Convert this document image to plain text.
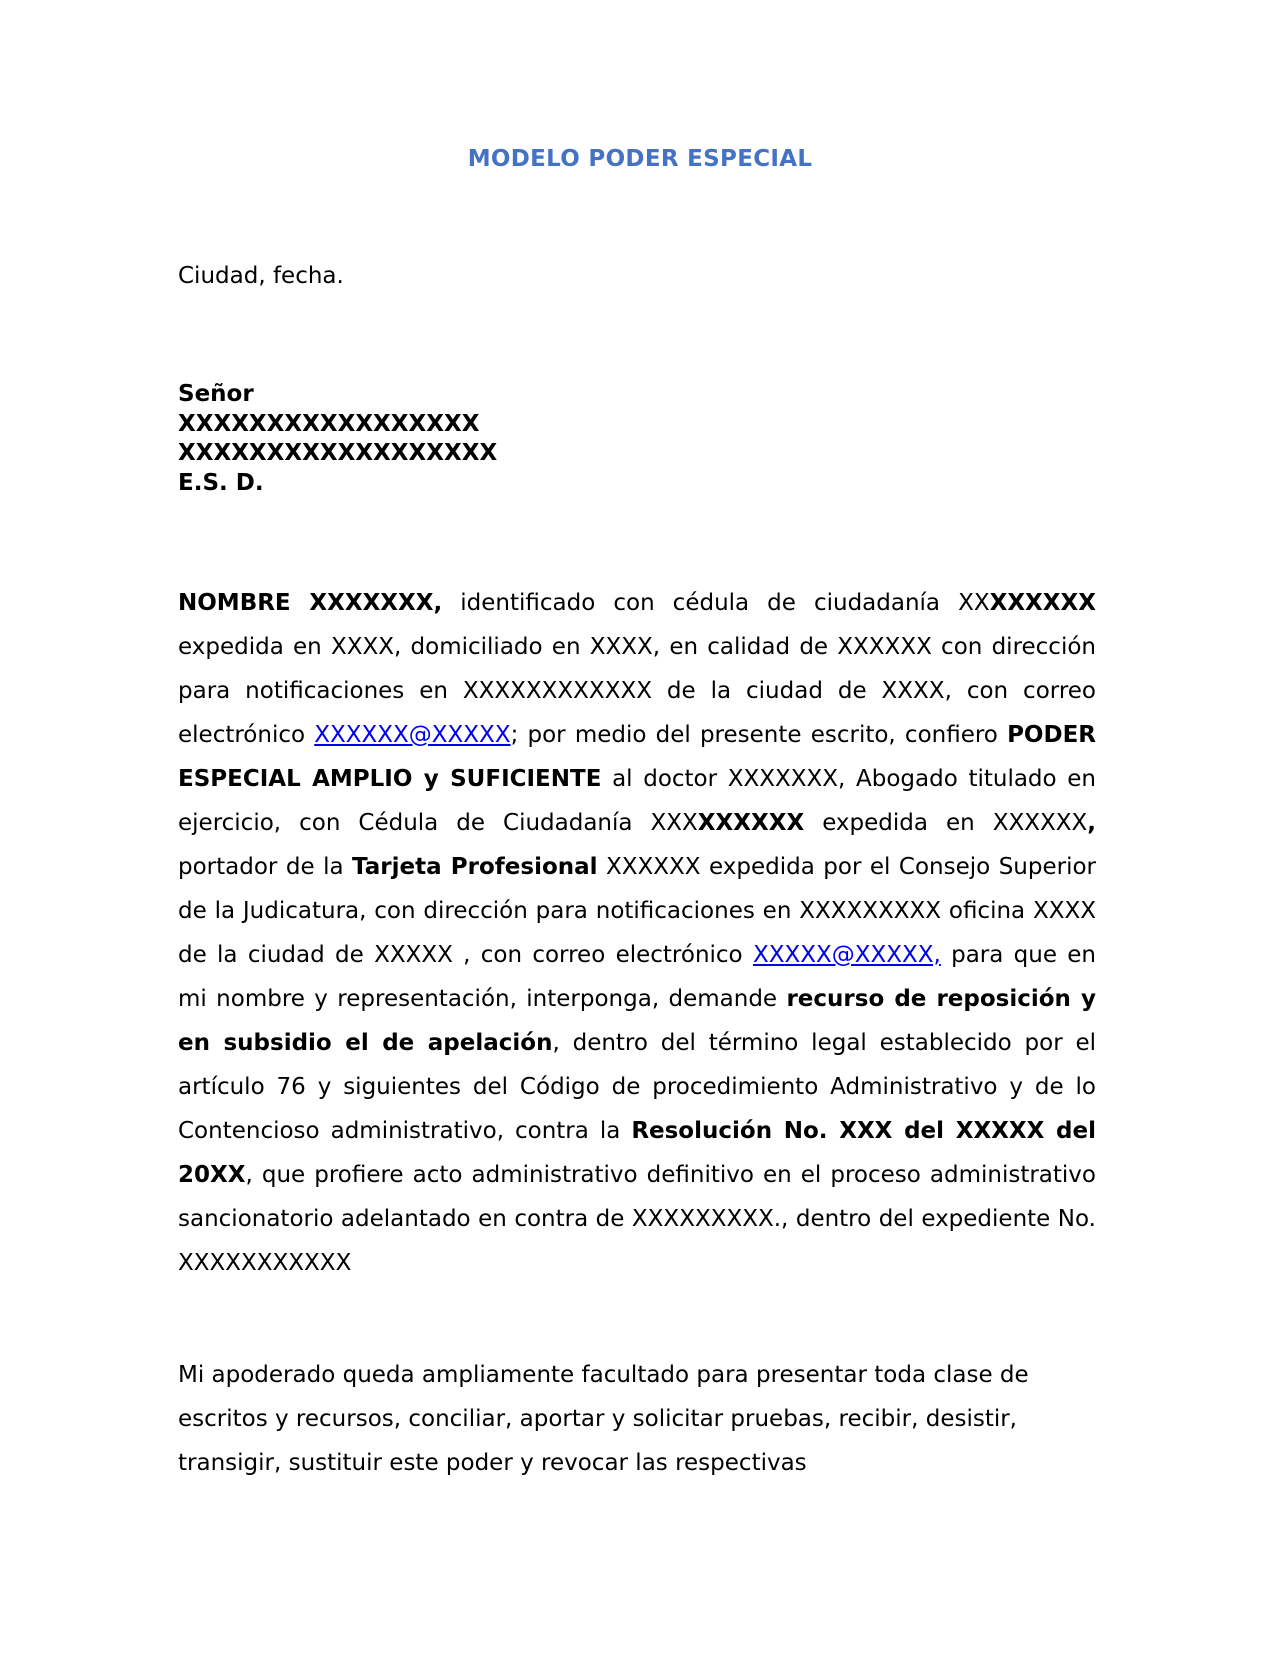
MODELO PODER ESPECIAL
Ciudad, fecha.
Señor
XXXXXXXXXXXXXXXXX
XXXXXXXXXXXXXXXXXX
E.S. D.
NOMBRE XXXXXXX, identificado con cédula de ciudadanía XXXXXXXX expedida en XXXX, domiciliado en XXXX, en calidad de XXXXXX con dirección para notificaciones en XXXXXXXXXXXX de la ciudad de XXXX, con correo electrónico XXXXXX@XXXXX; por medio del presente escrito, confiero PODER ESPECIAL AMPLIO y SUFICIENTE al doctor XXXXXXX, Abogado titulado en ejercicio, con Cédula de Ciudadanía XXXXXXXXX expedida en XXXXXX, portador de la Tarjeta Profesional XXXXXX expedida por el Consejo Superior de la Judicatura, con dirección para notificaciones en XXXXXXXXX oficina XXXX de la ciudad de XXXXX , con correo electrónico XXXXX@XXXXX, para que en mi nombre y representación, interponga, demande recurso de reposición y en subsidio el de apelación, dentro del término legal establecido por el artículo 76 y siguientes del Código de procedimiento Administrativo y de lo Contencioso administrativo, contra la Resolución No. XXX del XXXXX del 20XX, que profiere acto administrativo definitivo en el proceso administrativo sancionatorio adelantado en contra de XXXXXXXXX., dentro del expediente No. XXXXXXXXXXX
Mi apoderado queda ampliamente facultado para presentar toda clase de escritos y recursos, conciliar, aportar y solicitar pruebas, recibir, desistir, transigir, sustituir este poder y revocar las respectivas
